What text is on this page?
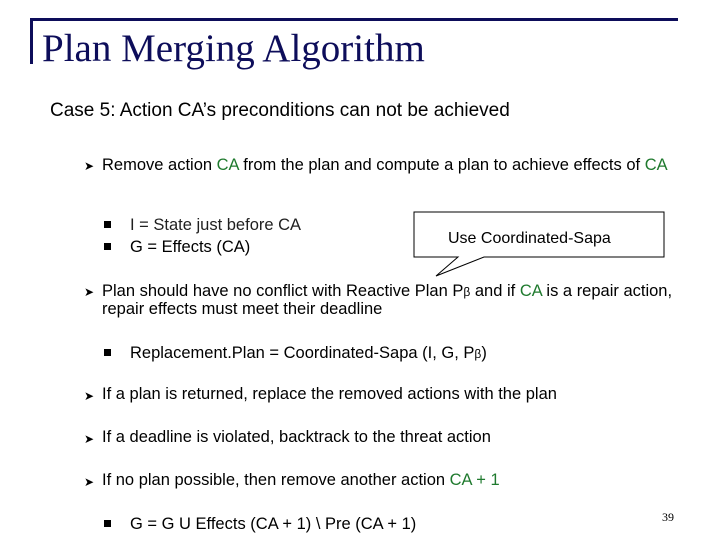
Plan Merging Algorithm
Case 5: Action CA’s preconditions can not be achieved
➤ Remove action CA from the plan and compute a plan to achieve effects of CA
I = State just before CA
G = Effects (CA)	Use Coordinated-Sapa
➤ Plan should have no conflict with Reactive Plan Pβ and if CA is a repair action, repair effects must meet their deadline
Replacement.Plan = Coordinated-Sapa (I, G, Pβ)
➤ If a plan is returned, replace the removed actions with the plan
➤ If a deadline is violated, backtrack to the threat action
➤ If no plan possible, then remove another action CA + 1
G = G U Effects (CA + 1) \ Pre (CA + 1)	39
